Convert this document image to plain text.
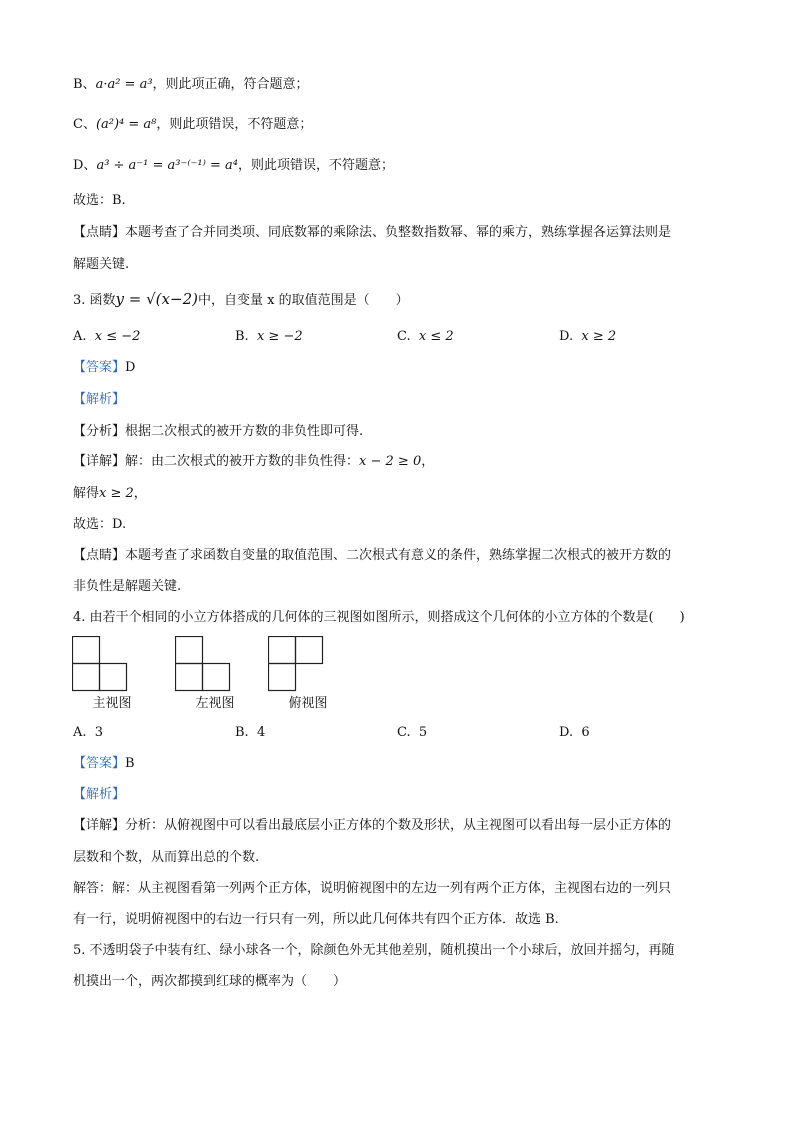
B、a·a² = a³，则此项正确，符合题意；
C、(a²)⁴ = a⁸，则此项错误，不符题意；
D、a³ ÷ a⁻¹ = a³⁻⁽⁻¹⁾ = a⁴，则此项错误，不符题意；
故选：B.
【点睛】本题考查了合并同类项、同底数幂的乘除法、负整数指数幂、幂的乘方，熟练掌握各运算法则是
解题关键.
3. 函数y = √(x−2)中，自变量 x 的取值范围是（　　）
A. x ≤ −2	B. x ≥ −2	C. x ≤ 2	D. x ≥ 2
【答案】D
【解析】
【分析】根据二次根式的被开方数的非负性即可得.
【详解】解：由二次根式的被开方数的非负性得：x − 2 ≥ 0，
解得x ≥ 2，
故选：D.
【点睛】本题考查了求函数自变量的取值范围、二次根式有意义的条件，熟练掌握二次根式的被开方数的
非负性是解题关键.
4. 由若干个相同的小立方体搭成的几何体的三视图如图所示，则搭成这个几何体的小立方体的个数是(　　)
主视图	左视图	俯视图
A. 3	B. 4	C. 5	D. 6
【答案】B
【解析】
【详解】分析：从俯视图中可以看出最底层小正方体的个数及形状，从主视图可以看出每一层小正方体的
层数和个数，从而算出总的个数.
解答：解：从主视图看第一列两个正方体，说明俯视图中的左边一列有两个正方体，主视图右边的一列只
有一行，说明俯视图中的右边一行只有一列，所以此几何体共有四个正方体．故选 B.
5. 不透明袋子中装有红、绿小球各一个，除颜色外无其他差别，随机摸出一个小球后，放回并摇匀，再随
机摸出一个，两次都摸到红球的概率为（　　）
